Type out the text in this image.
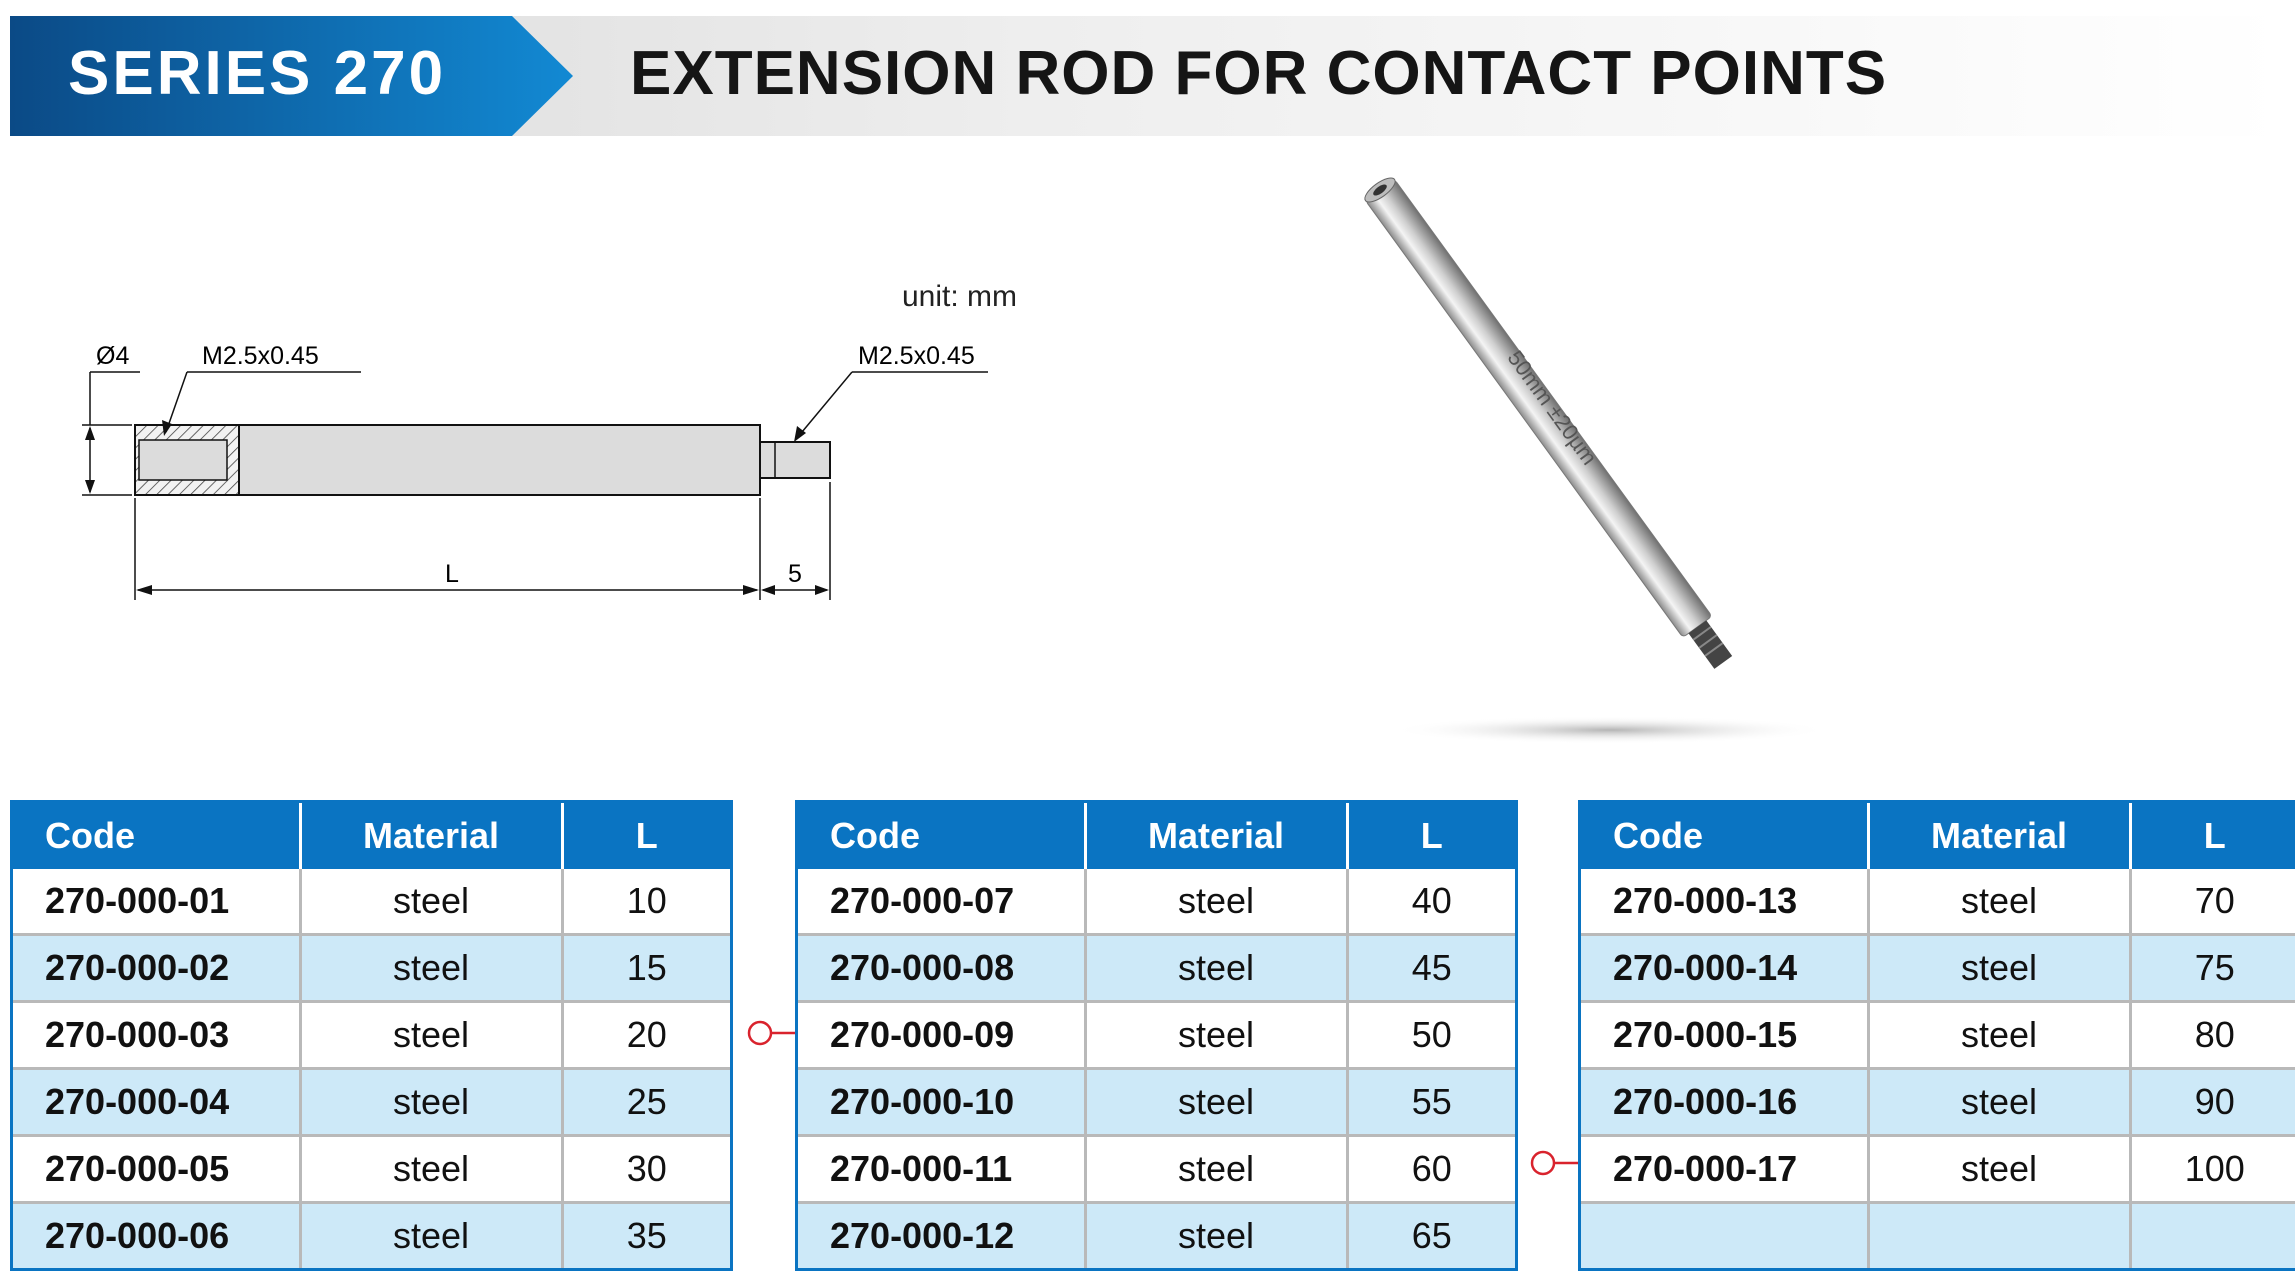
SERIES 270	EXTENSION ROD FOR CONTACT POINTS
unit: mm
Ø4	M2.5x0.45	M2.5x0.45
L	5
50mm ±20µm
Code	Material	L
270-000-01	steel	10
270-000-02	steel	15
270-000-03	steel	20
270-000-04	steel	25
270-000-05	steel	30
270-000-06	steel	35
Code	Material	L
270-000-07	steel	40
270-000-08	steel	45
270-000-09	steel	50
270-000-10	steel	55
270-000-11	steel	60
270-000-12	steel	65
Code	Material	L
270-000-13	steel	70
270-000-14	steel	75
270-000-15	steel	80
270-000-16	steel	90
270-000-17	steel	100
